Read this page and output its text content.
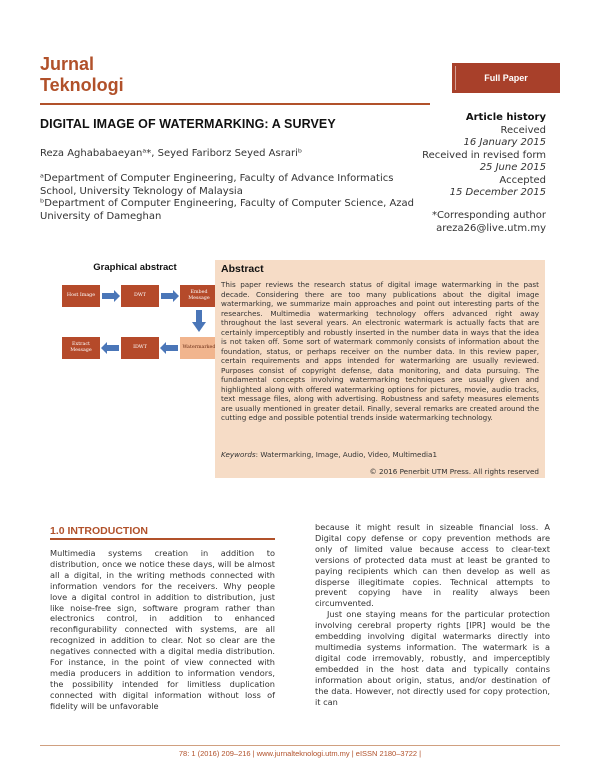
Jurnal
Teknologi	Full Paper
DIGITAL IMAGE OF WATERMARKING: A SURVEY
Reza Aghababaeyanᵃ*, Seyed Fariborz Seyed Asrariᵇ
ᵃDepartment of Computer Engineering, Faculty of Advance Informatics School, University Teknology of Malaysia
ᵇDepartment of Computer Engineering, Faculty of Computer Science, Azad University of Dameghan
Article history
Received
16 January 2015
Received in revised form
25 June 2015
Accepted
15 December 2015
*Corresponding author
areza26@live.utm.my
Graphical abstract
Host Image	DWT
Embed Message
Watermarked
IDWT
Extract Message
Abstract
This paper reviews the research status of digital image watermarking in the past decade. Considering there are too many publications about the digital image watermarking, we summarize main approaches and point out interesting parts of the researches. Multimedia watermarking technology offers advanced right away throughout the last several years. An electronic watermark is actually facts that are certainly imperceptibly and robustly inserted in the number data in ways that the idea is not taken off. Some sort of watermark commonly consists of information about the foundation, status, or perhaps receiver on the number data. In this review paper, certain requirements and apps intended for watermarking are usually reviewed. Purposes consist of copyright defense, data monitoring, and data pursuing. The fundamental concepts involving watermarking techniques are usually given and highlighted along with offered watermarking options for pictures, movie, audio tracks, text message files, along with advertising. Robustness and safety measures elements are usually mentioned in greater detail. Finally, several remarks are created around the cutting edge and possible potential trends inside watermarking technology.
Keywords: Watermarking, Image, Audio, Video, Multimedia1
© 2016 Penerbit UTM Press. All rights reserved
1.0 INTRODUCTION

Multimedia systems creation in addition to distribution, once we notice these days, will be almost all a digital, in the writing methods connected with information vendors for the receivers. Why people love a digital control in addition to distribution, just like noise-free sign, software program rather than electronics control, in addition to enhanced reconfigurability connected with systems, are all recognized in addition to clear. Not so clear are the negatives connected with a digital media distribution. For instance, in the point of view connected with media producers in addition to information vendors, the possibility intended for limitless duplication connected with digital information without loss of fidelity will be unfavorable

because it might result in sizeable financial loss. A Digital copy defense or copy prevention methods are only of limited value because access to clear-text versions of protected data must at least be granted to paying recipients which can then develop as well as disperse illegitimate copies. Technical attempts to prevent copying have in reality always been circumvented.

Just one staying means for the particular protection involving cerebral property rights [IPR] would be the embedding involving digital watermarks directly into multimedia systems information. The watermark is a digital code irremovably, robustly, and imperceptibly embedded in the host data and typically contains information about origin, status, and/or destination of the data. However, not directly used for copy protection, it can

78: 1 (2016) 209–216 | www.jurnalteknologi.utm.my | eISSN 2180–3722 |
